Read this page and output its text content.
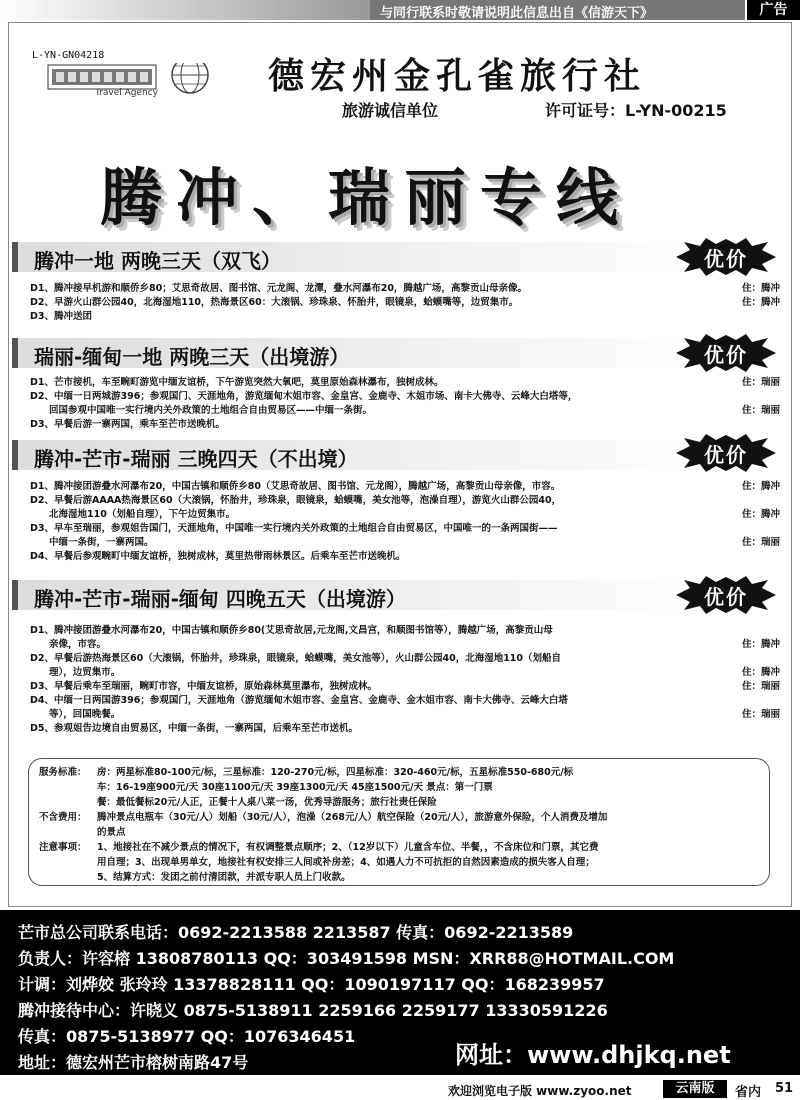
与同行联系时敬请说明此信息出自《信游天下》	广告
L-YN-GN04218
Travel Agency	德宏州金孔雀旅行社
旅游诚信单位	许可证号：L-YN-00215
腾冲、瑞丽专线
腾冲一地 两晚三天（双飞）	优价
D1、腾冲接早机游和顺侨乡80；艾思奇故居、图书馆、元龙阁、龙潭，叠水河瀑布20，腾越广场，高黎贡山母亲像。	住：腾冲
D2、早游火山群公园40，北海湿地110，热海景区60：大滚锅、珍珠泉、怀胎井，眼镜泉，蛤蟆嘴等，边贸集市。	住：腾冲
D3、腾冲送团
瑞丽-缅甸一地 两晚三天（出境游）	优价
D1、芒市接机，车至畹町游览中缅友谊桥，下午游览突然大氧吧，莫里原始森林瀑布，独树成林。	住：瑞丽
D2、中缅一日两城游396；参观国门、天涯地角，游览缅甸木姐市容、金皇宫、金鹿寺、木姐市场、南卡大佛寺、云峰大白塔等，
　　回国参观中国唯一实行境内关外政策的土地组合自由贸易区——中缅一条街。	住：瑞丽
D3、早餐后游一寨两国，乘车至芒市送晚机。
腾冲-芒市-瑞丽 三晚四天（不出境）	优价
D1、腾冲接团游叠水河瀑布20，中国古镇和顺侨乡80（艾思奇故居、图书馆、元龙阁），腾越广场，高黎贡山母亲像，市容。	住：腾冲
D2、早餐后游AAAA热海景区60（大滚锅，怀胎井，珍珠泉，眼镜泉，蛤蟆嘴，美女池等，泡澡自理），游览火山群公园40，
　　北海湿地110（划船自理），下午边贸集市。	住：腾冲
D3、早车至瑞丽，参观姐告国门，天涯地角，中国唯一实行境内关外政策的土地组合自由贸易区，中国唯一的一条两国街——
　　中缅一条街，一寨两国。	住：瑞丽
D4、早餐后参观畹町中缅友谊桥，独树成林，莫里热带雨林景区。后乘车至芒市送晚机。
腾冲-芒市-瑞丽-缅甸 四晚五天（出境游）	优价
D1、腾冲接团游叠水河瀑布20，中国古镇和顺侨乡80(艾思奇故居,元龙阁,文昌宫，和顺图书馆等），腾越广场，高黎贡山母
　　亲像，市容。	住：腾冲
D2、早餐后游热海景区60（大滚锅，怀胎井，珍珠泉，眼镜泉，蛤蟆嘴，美女池等），火山群公园40，北海湿地110（划船自
　　理），边贸集市。	住：腾冲
D3、早餐后乘车至瑞丽，畹町市容，中缅友谊桥，原始森林莫里瀑布，独树成林。	住：瑞丽
D4、中缅一日两国游396；参观国门，天涯地角（游览缅甸木姐市容、金皇宫、金鹿寺、金木姐市容、南卡大佛寺、云峰大白塔
　　等），回国晚餐。	住：瑞丽
D5、参观姐告边境自由贸易区，中缅一条街，一寨两国，后乘车至芒市送机。
服务标准： 房：两星标准80-100元/标，三星标准：120-270元/标，四星标准：320-460元/标，五星标准550-680元/标
车：16-19座900元/天 30座1100元/天 39座1300元/天 45座1500元/天 景点：第一门票
餐：最低餐标20元/人正，正餐十人桌八菜一汤，优秀导游服务；旅行社责任保险
不含费用： 腾冲景点电瓶车（30元/人）划船（30元/人），泡澡（268元/人）航空保险（20元/人），旅游意外保险，个人消费及增加
的景点
注意事项： 1、地接社在不减少景点的情况下，有权调整景点顺序；2、（12岁以下）儿童含车位、半餐，，不含床位和门票，其它费
用自理；3、出现单男单女，地接社有权安排三人间或补房差；4、如遇人力不可抗拒的自然因素造成的损失客人自理；
5、结算方式：发团之前付清团款，并派专职人员上门收款。
芒市总公司联系电话：0692-2213588 2213587 传真：0692-2213589
负责人：许容榕 13808780113 QQ：303491598 MSN：XRR88@HOTMAIL.COM
计调：刘烨姣 张玲玲 13378828111 QQ：1090197117 QQ：168239957
腾冲接待中心：许晓义 0875-5138911 2259166 2259177 13330591226
传真：0875-5138977 QQ：1076346451
地址：德宏州芒市榕树南路47号	网址：www.dhjkq.net
欢迎浏览电子版 www.zyoo.net	云南版	省内 51
